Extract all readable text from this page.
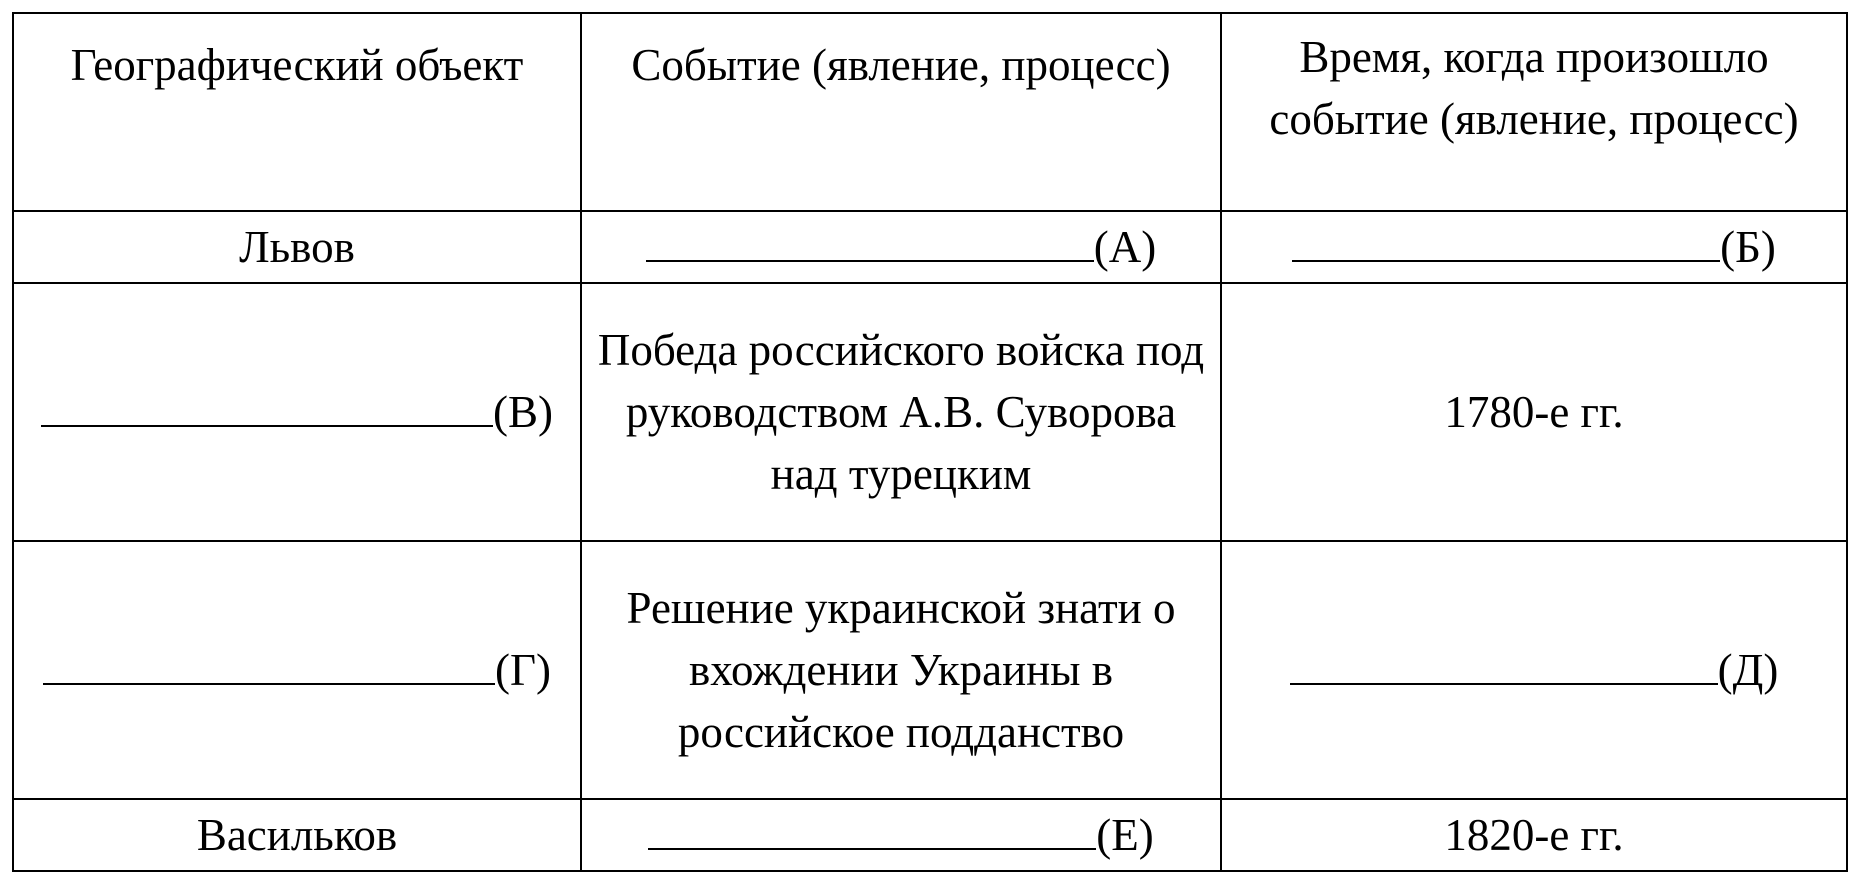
Географический объект	Событие (явление, процесс)	Время, когда произошло событие (явление, процесс)
Львов	(А)	(Б)
(В)	Победа российского войска под руководством А.В. Суворова над турецким	1780-е гг.
(Г)	Решение украинской знати о вхождении Украины в российское подданство	(Д)
Васильков	(Е)	1820-е гг.
